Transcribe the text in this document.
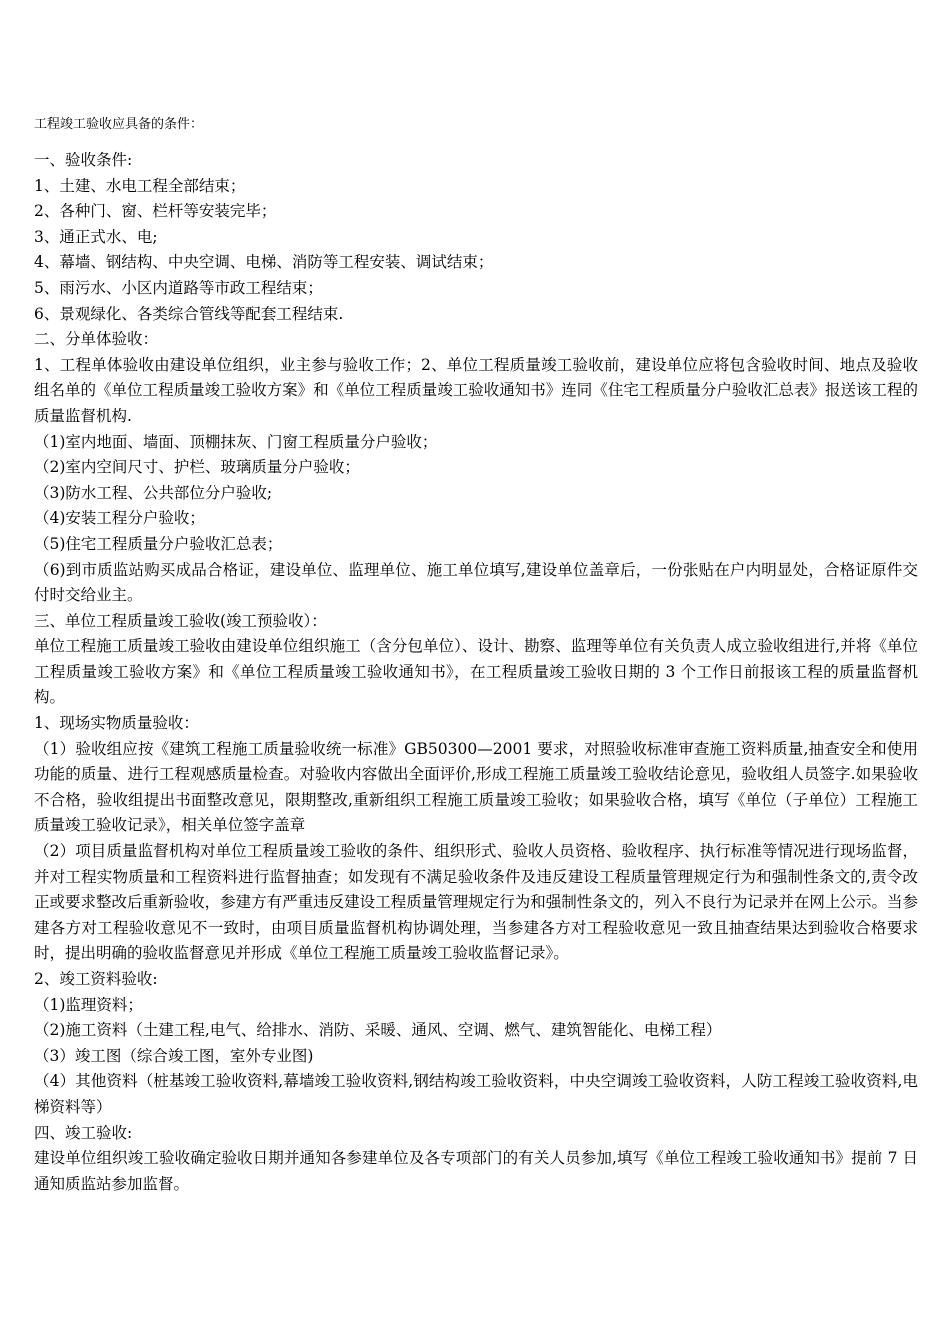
工程竣工验收应具备的条件：

一、验收条件:

1、土建、水电工程全部结束；

2、各种门、窗、栏杆等安装完毕；

3、通正式水、电;

4、幕墙、钢结构、中央空调、电梯、消防等工程安装、调试结束；

5、雨污水、小区内道路等市政工程结束；

6、景观绿化、各类综合管线等配套工程结束.

二、分单体验收：

1、工程单体验收由建设单位组织，业主参与验收工作；2、单位工程质量竣工验收前，建设单位应将包含验收时间、地点及验收组名单的《单位工程质量竣工验收方案》和《单位工程质量竣工验收通知书》连同《住宅工程质量分户验收汇总表》报送该工程的质量监督机构.

（1)室内地面、墙面、顶棚抹灰、门窗工程质量分户验收；

（2)室内空间尺寸、护栏、玻璃质量分户验收；

（3)防水工程、公共部位分户验收;

（4)安装工程分户验收；

（5)住宅工程质量分户验收汇总表；

（6)到市质监站购买成品合格证，建设单位、监理单位、施工单位填写,建设单位盖章后，一份张贴在户内明显处，合格证原件交付时交给业主。

三、单位工程质量竣工验收(竣工预验收）：

单位工程施工质量竣工验收由建设单位组织施工（含分包单位）、设计、勘察、监理等单位有关负责人成立验收组进行,并将《单位工程质量竣工验收方案》和《单位工程质量竣工验收通知书》，在工程质量竣工验收日期的 3 个工作日前报该工程的质量监督机构。

1、现场实物质量验收：

（1）验收组应按《建筑工程施工质量验收统一标准》GB50300—2001 要求，对照验收标准审查施工资料质量,抽查安全和使用功能的质量、进行工程观感质量检查。对验收内容做出全面评价,形成工程施工质量竣工验收结论意见，验收组人员签字.如果验收不合格，验收组提出书面整改意见，限期整改,重新组织工程施工质量竣工验收；如果验收合格，填写《单位（子单位）工程施工质量竣工验收记录》，相关单位签字盖章

（2）项目质量监督机构对单位工程质量竣工验收的条件、组织形式、验收人员资格、验收程序、执行标准等情况进行现场监督，并对工程实物质量和工程资料进行监督抽查；如发现有不满足验收条件及违反建设工程质量管理规定行为和强制性条文的,责令改正或要求整改后重新验收，参建方有严重违反建设工程质量管理规定行为和强制性条文的，列入不良行为记录并在网上公示。当参建各方对工程验收意见不一致时，由项目质量监督机构协调处理，当参建各方对工程验收意见一致且抽查结果达到验收合格要求时，提出明确的验收监督意见并形成《单位工程施工质量竣工验收监督记录》。

2、竣工资料验收:

（1)监理资料；

（2)施工资料（土建工程,电气、给排水、消防、采暖、通风、空调、燃气、建筑智能化、电梯工程）

（3）竣工图（综合竣工图，室外专业图)

（4）其他资料（桩基竣工验收资料,幕墙竣工验收资料,钢结构竣工验收资料，中央空调竣工验收资料，人防工程竣工验收资料,电梯资料等）

四、竣工验收:

建设单位组织竣工验收确定验收日期并通知各参建单位及各专项部门的有关人员参加,填写《单位工程竣工验收通知书》提前 7 日通知质监站参加监督。
